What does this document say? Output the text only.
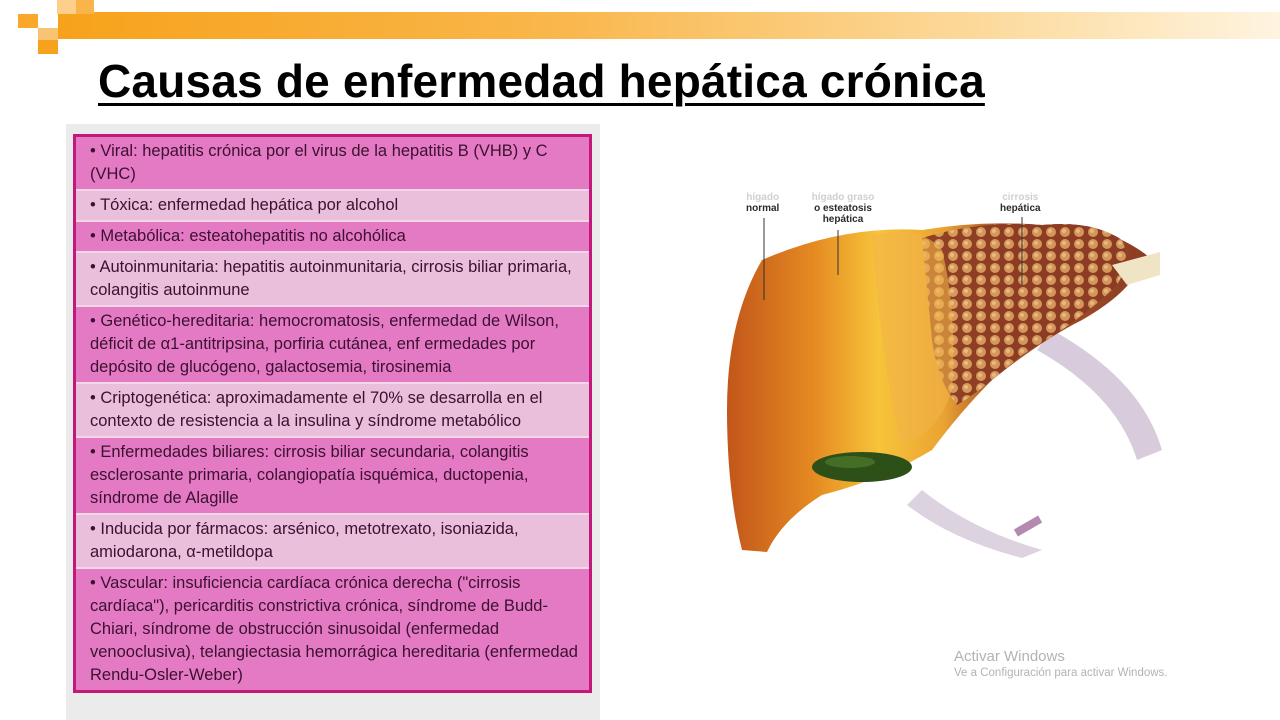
Causas de enfermedad hepática crónica
• Viral: hepatitis crónica por el virus de la hepatitis B (VHB) y C (VHC)
• Tóxica: enfermedad hepática por alcohol
• Metabólica: esteatohepatitis no alcohólica
• Autoinmunitaria: hepatitis autoinmunitaria, cirrosis biliar primaria, colangitis autoinmune
• Genético-hereditaria: hemocromatosis, enfermedad de Wilson, déficit de α1-antitripsina, porfiria cutánea, enf ermedades por depósito de glucógeno, galactosemia, tirosinemia
• Criptogenética: aproximadamente el 70% se desarrolla en el contexto de resistencia a la insulina y síndrome metabólico
• Enfermedades biliares: cirrosis biliar secundaria, colangitis esclerosante primaria, colangiopatía isquémica, ductopenia, síndrome de Alagille
• Inducida por fármacos: arsénico, metotrexato, isoniazida, amiodarona, α-metildopa
• Vascular: insuficiencia cardíaca crónica derecha ("cirrosis cardíaca"), pericarditis constrictiva crónica, síndrome de Budd-Chiari, síndrome de obstrucción sinusoidal (enfermedad venooclusiva), telangiectasia hemorrágica hereditaria (enfermedad Rendu-Osler-Weber)
hígado
normal
hígado graso
o esteatosis
hepática
cirrosis
hepática
Activar Windows
Ve a Configuración para activar Windows.
